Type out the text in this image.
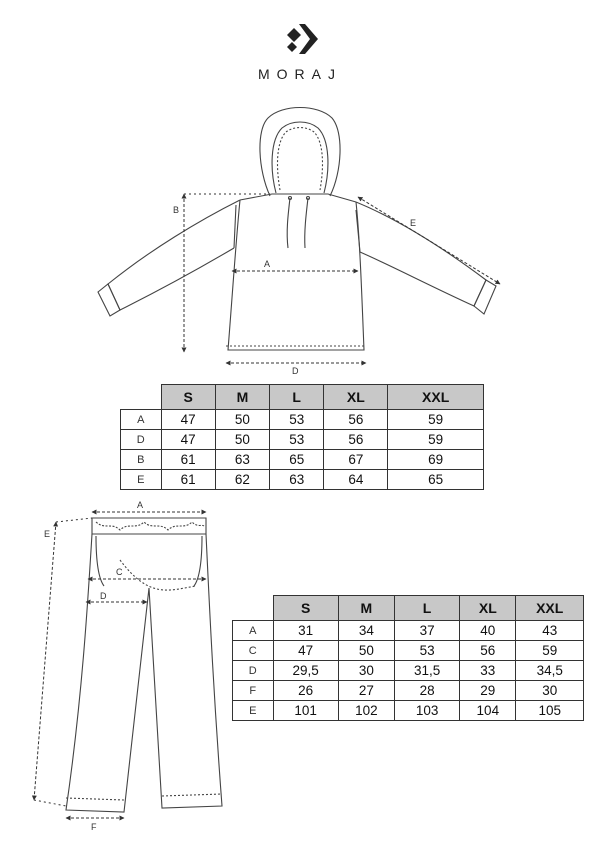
MORAJ
B
A
D
E
	S	M	L	XL	XXL
A	47	50	53	56	59
D	47	50	53	56	59
B	61	63	65	67	69
E	61	62	63	64	65
A
C
D
E
F
	S	M	L	XL	XXL
A	31	34	37	40	43
C	47	50	53	56	59
D	29,5	30	31,5	33	34,5
F	26	27	28	29	30
E	101	102	103	104	105
